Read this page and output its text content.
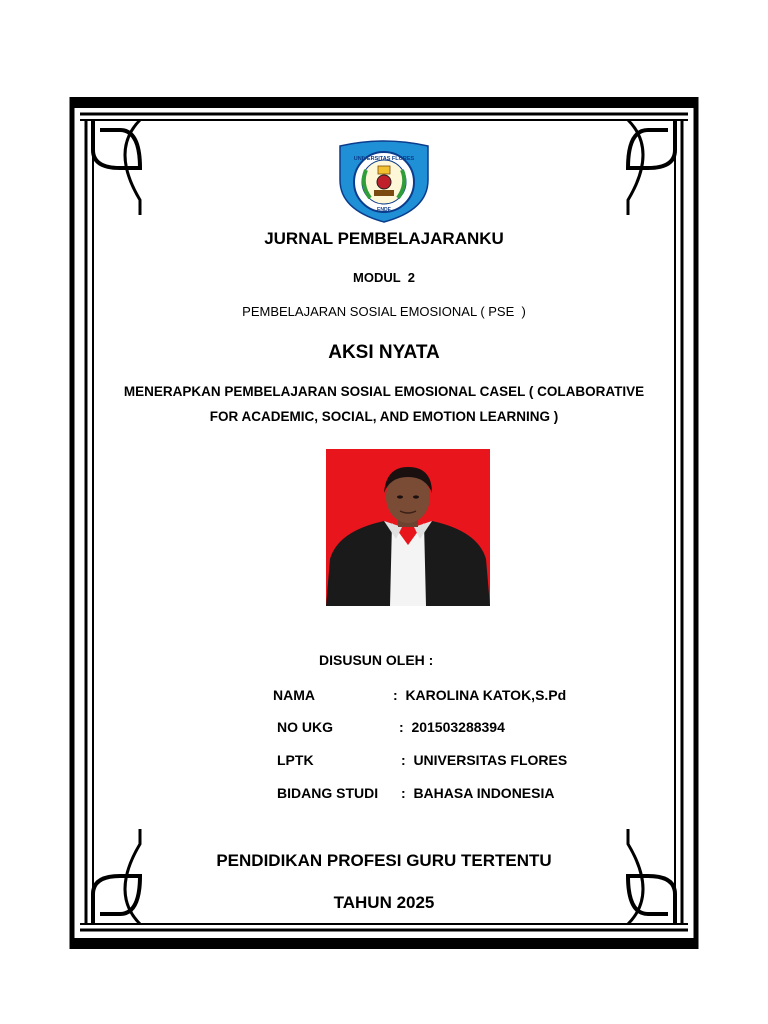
UNIVERSITAS FLORES
ENDE
JURNAL PEMBELAJARANKU
MODUL  2
PEMBELAJARAN SOSIAL EMOSIONAL ( PSE  )
AKSI NYATA
MENERAPKAN PEMBELAJARAN SOSIAL EMOSIONAL CASEL ( COLABORATIVE
FOR ACADEMIC, SOCIAL, AND EMOTION LEARNING )
DISUSUN OLEH :
NAMA	:  KAROLINA KATOK,S.Pd
NO UKG	:  201503288394
LPTK	:  UNIVERSITAS FLORES
BIDANG STUDI :  BAHASA INDONESIA
PENDIDIKAN PROFESI GURU TERTENTU
TAHUN 2025
